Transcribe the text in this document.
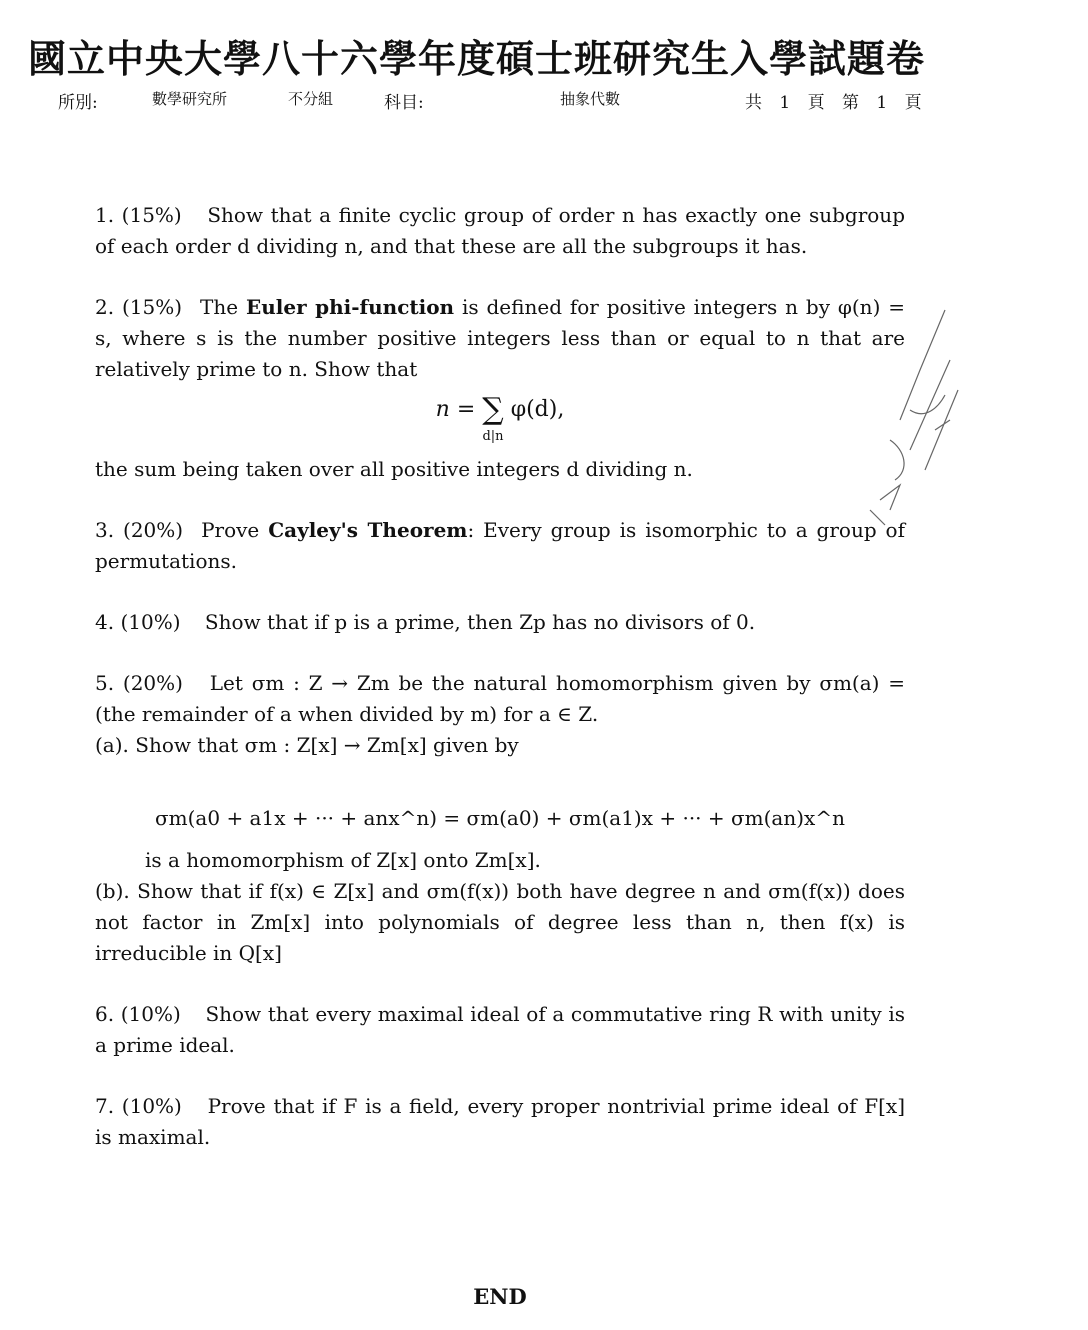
國立中央大學八十六學年度碩士班研究生入學試題卷
所別:	數學研究所	不分組	科目:	抽象代數	共 1 頁 第 1 頁

1. (15%) Show that a finite cyclic group of order n has exactly one subgroup of each order d dividing n, and that these are all the subgroups it has.

2. (15%) The Euler phi-function is defined for positive integers n by φ(n) = s, where s is the number positive integers less than or equal to n that are relatively prime to n. Show that

n = ∑
d|n
φ(d),

the sum being taken over all positive integers d dividing n.

3. (20%) Prove Cayley's Theorem: Every group is isomorphic to a group of permutations.

4. (10%) Show that if p is a prime, then Zp has no divisors of 0.

5. (20%) Let σm : Z → Zm be the natural homomorphism given by σm(a) = (the remainder of a when divided by m) for a ∈ Z.

(a). Show that σm : Z[x] → Zm[x] given by

σm(a0 + a1x + ··· + anx^n) = σm(a0) + σm(a1)x + ··· + σm(an)x^n

is a homomorphism of Z[x] onto Zm[x].

(b). Show that if f(x) ∈ Z[x] and σm(f(x)) both have degree n and σm(f(x)) does not factor in Zm[x] into polynomials of degree less than n, then f(x) is irreducible in Q[x]

6. (10%) Show that every maximal ideal of a commutative ring R with unity is a prime ideal.

7. (10%) Prove that if F is a field, every proper nontrivial prime ideal of F[x] is maximal.

END
